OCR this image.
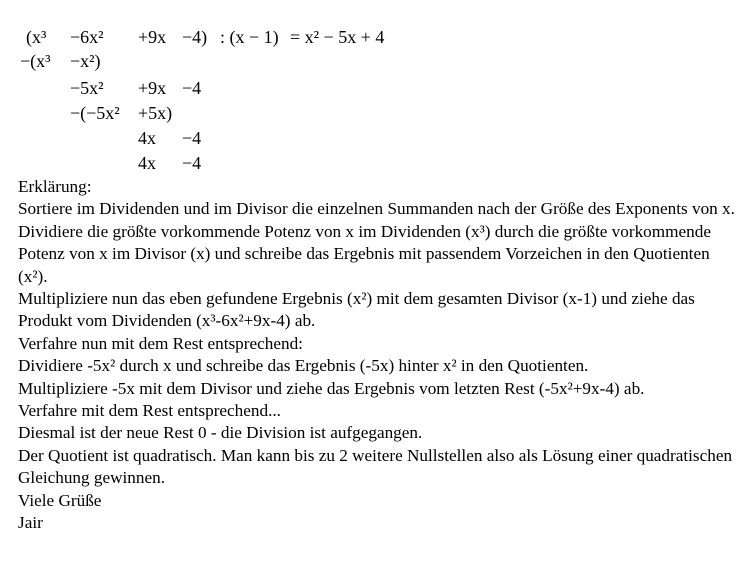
(x³ −6x² +9x −4) : (x − 1) = x² − 5x + 4
−(x³ −x²)
−5x² +9x −4
−(−5x² +5x)
4x −4
4x −4

Erklärung:

Sortiere im Dividenden und im Divisor die einzelnen Summanden nach der Größe des Exponents von x.

Dividiere die größte vorkommende Potenz von x im Dividenden (x³) durch die größte vorkommende Potenz von x im Divisor (x) und schreibe das Ergebnis mit passendem Vorzeichen in den Quotienten (x²).

Multipliziere nun das eben gefundene Ergebnis (x²) mit dem gesamten Divisor (x-1) und ziehe das Produkt vom Dividenden (x³-6x²+9x-4) ab.

Verfahre nun mit dem Rest entsprechend:

Dividiere -5x² durch x und schreibe das Ergebnis (-5x) hinter x² in den Quotienten.

Multipliziere -5x mit dem Divisor und ziehe das Ergebnis vom letzten Rest (-5x²+9x-4) ab.

Verfahre mit dem Rest entsprechend...

Diesmal ist der neue Rest 0 - die Division ist aufgegangen.

Der Quotient ist quadratisch. Man kann bis zu 2 weitere Nullstellen also als Lösung einer quadratischen Gleichung gewinnen.

Viele Grüße

Jair
